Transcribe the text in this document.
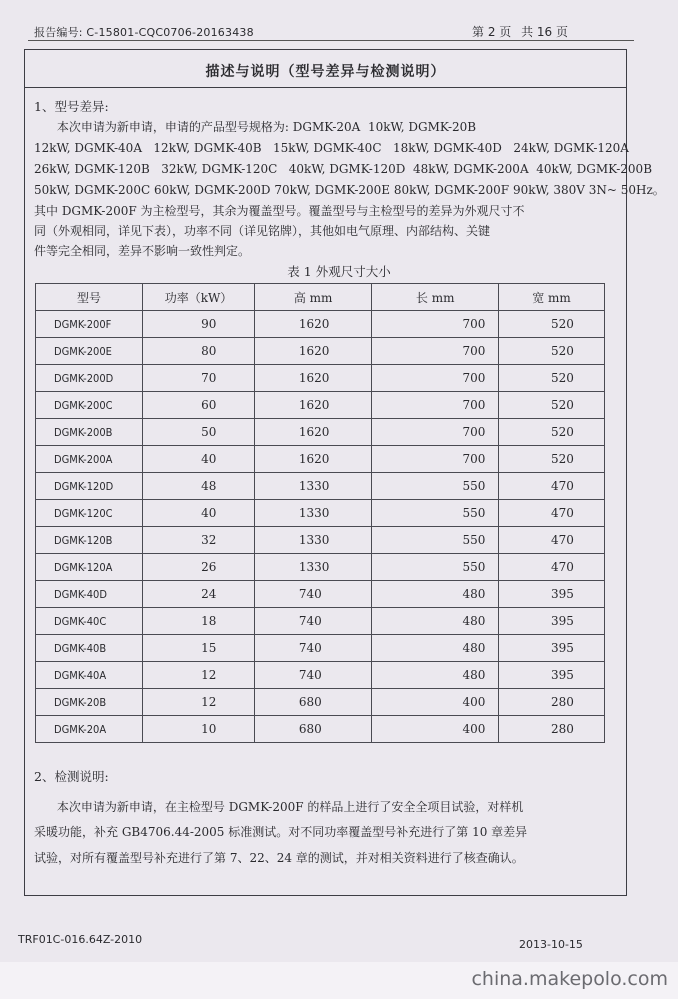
报告编号: C-15801-CQC0706-20163438	第 2 页 共 16 页
描述与说明（型号差异与检测说明）
1、型号差异:
本次申请为新申请，申请的产品型号规格为: DGMK-20A  10kW, DGMK-20B
12kW, DGMK-40A   12kW, DGMK-40B   15kW, DGMK-40C   18kW, DGMK-40D   24kW, DGMK-120A
26kW, DGMK-120B   32kW, DGMK-120C   40kW, DGMK-120D  48kW, DGMK-200A  40kW, DGMK-200B
50kW, DGMK-200C 60kW, DGMK-200D 70kW, DGMK-200E 80kW, DGMK-200F 90kW, 380V 3N~ 50Hz。
其中 DGMK-200F 为主检型号，其余为覆盖型号。覆盖型号与主检型号的差异为外观尺寸不
同（外观相同，详见下表），功率不同（详见铭牌），其他如电气原理、内部结构、关键
件等完全相同，差异不影响一致性判定。
表 1 外观尺寸大小
型号	功率（kW）	高 mm	长 mm	宽 mm
DGMK-200F	90	1620	700	520
DGMK-200E	80	1620	700	520
DGMK-200D	70	1620	700	520
DGMK-200C	60	1620	700	520
DGMK-200B	50	1620	700	520
DGMK-200A	40	1620	700	520
DGMK-120D	48	1330	550	470
DGMK-120C	40	1330	550	470
DGMK-120B	32	1330	550	470
DGMK-120A	26	1330	550	470
DGMK-40D	24	740	480	395
DGMK-40C	18	740	480	395
DGMK-40B	15	740	480	395
DGMK-40A	12	740	480	395
DGMK-20B	12	680	400	280
DGMK-20A	10	680	400	280
2、检测说明:
本次申请为新申请，在主检型号 DGMK-200F 的样品上进行了安全全项目试验，对样机
采暖功能，补充 GB4706.44-2005 标准测试。对不同功率覆盖型号补充进行了第 10 章差异
试验，对所有覆盖型号补充进行了第 7、22、24 章的测试，并对相关资料进行了核查确认。
TRF01C-016.64Z-2010	2013-10-15
china.makepolo.com
